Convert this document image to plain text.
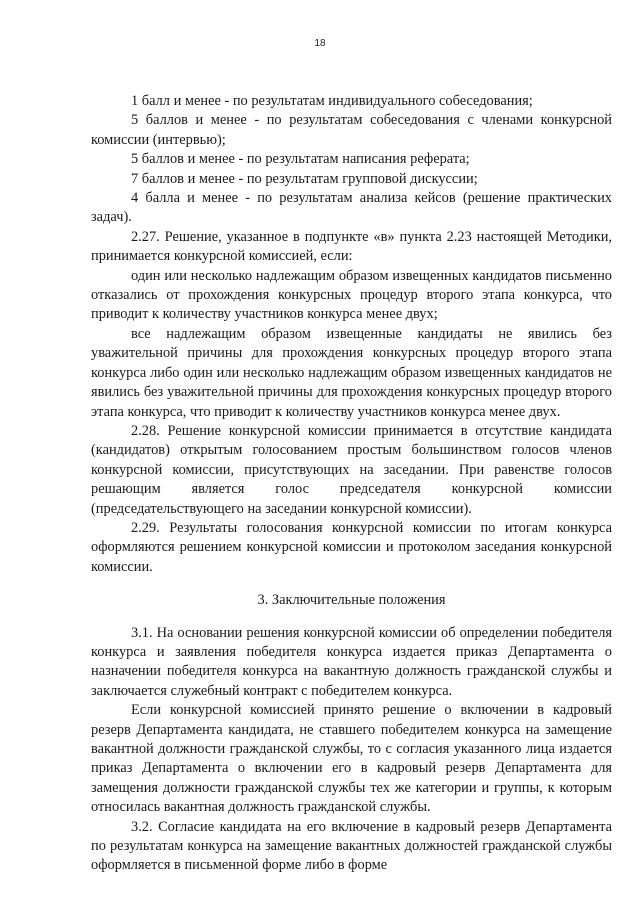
18

1 балл и менее - по результатам индивидуального собеседования;

5 баллов и менее - по результатам собеседования с членами конкурсной комиссии (интервью);

5 баллов и менее - по результатам написания реферата;

7 баллов и менее - по результатам групповой дискуссии;

4 балла и менее - по результатам анализа кейсов (решение практических задач).

2.27. Решение, указанное в подпункте «в» пункта 2.23 настоящей Методики, принимается конкурсной комиссией, если:

один или несколько надлежащим образом извещенных кандидатов письменно отказались от прохождения конкурсных процедур второго этапа конкурса, что приводит к количеству участников конкурса менее двух;

все надлежащим образом извещенные кандидаты не явились без уважительной причины для прохождения конкурсных процедур второго этапа конкурса либо один или несколько надлежащим образом извещенных кандидатов не явились без уважительной причины для прохождения конкурсных процедур второго этапа конкурса, что приводит к количеству участников конкурса менее двух.

2.28. Решение конкурсной комиссии принимается в отсутствие кандидата (кандидатов) открытым голосованием простым большинством голосов членов конкурсной комиссии, присутствующих на заседании. При равенстве голосов решающим является голос председателя конкурсной комиссии (председательствующего на заседании конкурсной комиссии).

2.29. Результаты голосования конкурсной комиссии по итогам конкурса оформляются решением конкурсной комиссии и протоколом заседания конкурсной комиссии.

3. Заключительные положения

3.1. На основании решения конкурсной комиссии об определении победителя конкурса и заявления победителя конкурса издается приказ Департамента о назначении победителя конкурса на вакантную должность гражданской службы и заключается служебный контракт с победителем конкурса.

Если конкурсной комиссией принято решение о включении в кадровый резерв Департамента кандидата, не ставшего победителем конкурса на замещение вакантной должности гражданской службы, то с согласия указанного лица издается приказ Департамента о включении его в кадровый резерв Департамента для замещения должности гражданской службы тех же категории и группы, к которым относилась вакантная должность гражданской службы.

3.2. Согласие кандидата на его включение в кадровый резерв Департамента по результатам конкурса на замещение вакантных должностей гражданской службы оформляется в письменной форме либо в форме
